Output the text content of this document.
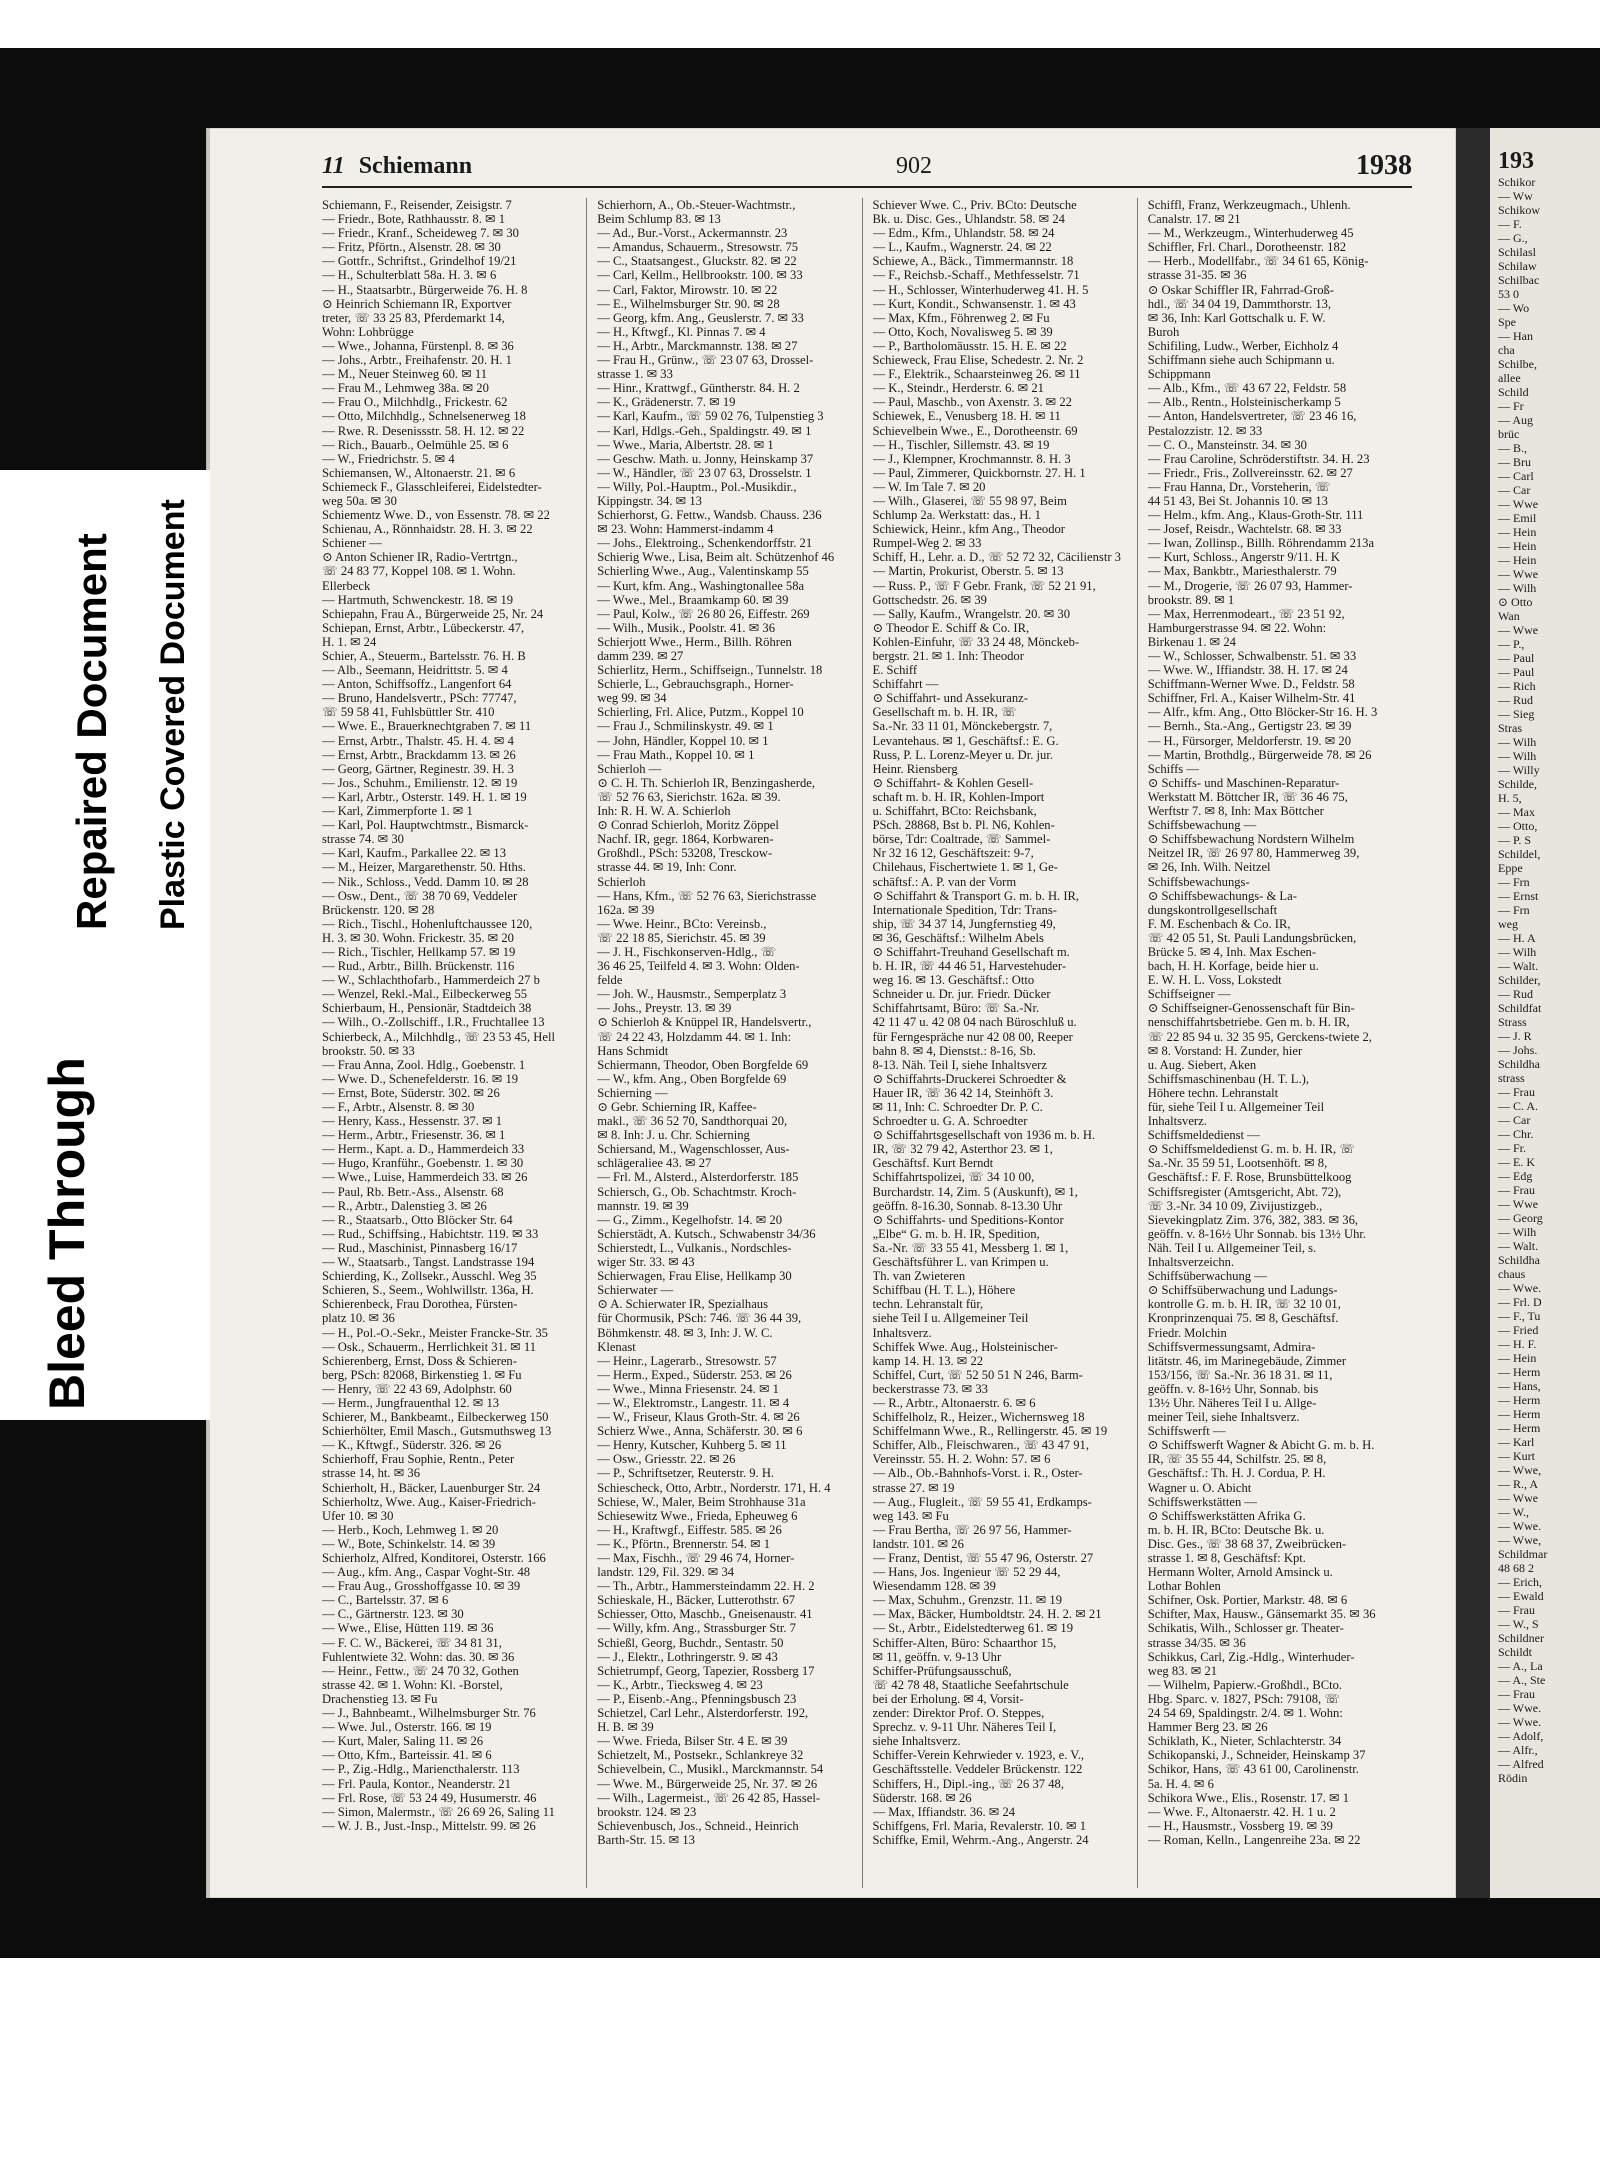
11 Schiemann	902	1938
Schiemann, F., Reisender, Zeisigstr. 7
— Friedr., Bote, Rathhausstr. 8. ✉ 1
— Friedr., Kranf., Scheideweg 7. ✉ 30
— Fritz, Pförtn., Alsenstr. 28. ✉ 30
— Gottfr., Schriftst., Grindelhof 19/21
— H., Schulterblatt 58a. H. 3. ✉ 6
— H., Staatsarbtr., Bürgerweide 76. H. 8
⊙ Heinrich Schiemann IR, Exportver
treter, ☏ 33 25 83, Pferdemarkt 14,
Wohn: Lohbrügge
— Wwe., Johanna, Fürstenpl. 8. ✉ 36
— Johs., Arbtr., Freihafenstr. 20. H. 1
— M., Neuer Steinweg 60. ✉ 11
— Frau M., Lehmweg 38a. ✉ 20
— Frau O., Milchhdlg., Frickestr. 62
— Otto, Milchhdlg., Schnelsenerweg 18
— Rwe. R. Desenissstr. 58. H. 12. ✉ 22
— Rich., Bauarb., Oelmühle 25. ✉ 6
— W., Friedrichstr. 5. ✉ 4
Schiemansen, W., Altonaerstr. 21. ✉ 6
Schiemeck F., Glasschleiferei, Eidelstedter-
weg 50a. ✉ 30
Schiementz Wwe. D., von Essenstr. 78. ✉ 22
Schienau, A., Rönnhaidstr. 28. H. 3. ✉ 22
Schiener —
⊙ Anton Schiener IR, Radio-Vertrtgn.,
☏ 24 83 77, Koppel 108. ✉ 1. Wohn.
Ellerbeck
— Hartmuth, Schwenckestr. 18. ✉ 19
Schiepahn, Frau A., Bürgerweide 25, Nr. 24
Schiepan, Ernst, Arbtr., Lübeckerstr. 47,
H. 1. ✉ 24
Schier, A., Steuerm., Bartelsstr. 76. H. B
— Alb., Seemann, Heidrittstr. 5. ✉ 4
— Anton, Schiffsoffz., Langenfort 64
— Bruno, Handelsvertr., PSch: 77747,
☏ 59 58 41, Fuhlsbüttler Str. 410
— Wwe. E., Brauerknechtgraben 7. ✉ 11
— Ernst, Arbtr., Thalstr. 45. H. 4. ✉ 4
— Ernst, Arbtr., Brackdamm 13. ✉ 26
— Georg, Gärtner, Reginestr. 39. H. 3
— Jos., Schuhm., Emilienstr. 12. ✉ 19
— Karl, Arbtr., Osterstr. 149. H. 1. ✉ 19
— Karl, Zimmerpforte 1. ✉ 1
— Karl, Pol. Hauptwchtmstr., Bismarck-
strasse 74. ✉ 30
— Karl, Kaufm., Parkallee 22. ✉ 13
— M., Heizer, Margarethenstr. 50. Hths.
— Nik., Schloss., Vedd. Damm 10. ✉ 28
— Osw., Dent., ☏ 38 70 69, Veddeler
Brückenstr. 120. ✉ 28
— Rich., Tischl., Hohenluftchaussee 120,
H. 3. ✉ 30. Wohn. Frickestr. 35. ✉ 20
— Rich., Tischler, Hellkamp 57. ✉ 19
— Rud., Arbtr., Billh. Brückenstr. 116
— W., Schlachthofarb., Hammerdeich 27 b
— Wenzel, Rekl.-Mal., Eilbeckerweg 55
Schierbaum, H., Pensionär, Stadtdeich 38
— Wilh., O.-Zollschiff., I.R., Fruchtallee 13
Schierbeck, A., Milchhdlg., ☏ 23 53 45, Hell
brookstr. 50. ✉ 33
— Frau Anna, Zool. Hdlg., Goebenstr. 1
— Wwe. D., Schenefelderstr. 16. ✉ 19
— Ernst, Bote, Süderstr. 302. ✉ 26
— F., Arbtr., Alsenstr. 8. ✉ 30
— Henry, Kass., Hessenstr. 37. ✉ 1
— Herm., Arbtr., Friesenstr. 36. ✉ 1
— Herm., Kapt. a. D., Hammerdeich 33
— Hugo, Kranführ., Goebenstr. 1. ✉ 30
— Wwe., Luise, Hammerdeich 33. ✉ 26
— Paul, Rb. Betr.-Ass., Alsenstr. 68
— R., Arbtr., Dalenstieg 3. ✉ 26
— R., Staatsarb., Otto Blöcker Str. 64
— Rud., Schiffsing., Habichtstr. 119. ✉ 33
— Rud., Maschinist, Pinnasberg 16/17
— W., Staatsarb., Tangst. Landstrasse 194
Schierding, K., Zollsekr., Ausschl. Weg 35
Schieren, S., Seem., Wohlwillstr. 136a, H.
Schierenbeck, Frau Dorothea, Fürsten-
platz 10. ✉ 36
— H., Pol.-O.-Sekr., Meister Francke-Str. 35
— Osk., Schauerm., Herrlichkeit 31. ✉ 11
Schierenberg, Ernst, Doss & Schieren-
berg, PSch: 82068, Birkenstieg 1. ✉ Fu
— Henry, ☏ 22 43 69, Adolphstr. 60
— Herm., Jungfrauenthal 12. ✉ 13
Schierer, M., Bankbeamt., Eilbeckerweg 150
Schierhölter, Emil Masch., Gutsmuthsweg 13
— K., Kftwgf., Süderstr. 326. ✉ 26
Schierhoff, Frau Sophie, Rentn., Peter
strasse 14, ht. ✉ 36
Schierholt, H., Bäcker, Lauenburger Str. 24
Schierholtz, Wwe. Aug., Kaiser-Friedrich-
Ufer 10. ✉ 30
— Herb., Koch, Lehmweg 1. ✉ 20
— W., Bote, Schinkelstr. 14. ✉ 39
Schierholz, Alfred, Konditorei, Osterstr. 166
— Aug., kfm. Ang., Caspar Voght-Str. 48
— Frau Aug., Grosshoffgasse 10. ✉ 39
— C., Bartelsstr. 37. ✉ 6
— C., Gärtnerstr. 123. ✉ 30
— Wwe., Elise, Hütten 119. ✉ 36
— F. C. W., Bäckerei, ☏ 34 81 31,
Fuhlentwiete 32. Wohn: das. 30. ✉ 36
— Heinr., Fettw., ☏ 24 70 32, Gothen
strasse 42. ✉ 1. Wohn: Kl. -Borstel,
Drachenstieg 13. ✉ Fu
— J., Bahnbeamt., Wilhelmsburger Str. 76
— Wwe. Jul., Osterstr. 166. ✉ 19
— Kurt, Maler, Saling 11. ✉ 26
— Otto, Kfm., Barteissir. 41. ✉ 6
— P., Zig.-Hdlg., Mariencthalerstr. 113
— Frl. Paula, Kontor., Neanderstr. 21
— Frl. Rose, ☏ 53 24 49, Husumerstr. 46
— Simon, Malermstr., ☏ 26 69 26, Saling 11
— W. J. B., Just.-Insp., Mittelstr. 99. ✉ 26
Schierhorn, A., Ob.-Steuer-Wachtmstr.,
Beim Schlump 83. ✉ 13
— Ad., Bur.-Vorst., Ackermannstr. 23
— Amandus, Schauerm., Stresowstr. 75
— C., Staatsangest., Gluckstr. 82. ✉ 22
— Carl, Kellm., Hellbrookstr. 100. ✉ 33
— Carl, Faktor, Mirowstr. 10. ✉ 22
— E., Wilhelmsburger Str. 90. ✉ 28
— Georg, kfm. Ang., Geuslerstr. 7. ✉ 33
— H., Kftwgf., Kl. Pinnas 7. ✉ 4
— H., Arbtr., Marckmannstr. 138. ✉ 27
— Frau H., Grünw., ☏ 23 07 63, Drossel-
strasse 1. ✉ 33
— Hinr., Krattwgf., Güntherstr. 84. H. 2
— K., Grädenerstr. 7. ✉ 19
— Karl, Kaufm., ☏ 59 02 76, Tulpenstieg 3
— Karl, Hdlgs.-Geh., Spaldingstr. 49. ✉ 1
— Wwe., Maria, Albertstr. 28. ✉ 1
— Geschw. Math. u. Jonny, Heinskamp 37
— W., Händler, ☏ 23 07 63, Drosselstr. 1
— Willy, Pol.-Hauptm., Pol.-Musikdir.,
Kippingstr. 34. ✉ 13
Schierhorst, G. Fettw., Wandsb. Chauss. 236
✉ 23. Wohn: Hammerst-indamm 4
— Johs., Elektroing., Schenkendorffstr. 21
Schierig Wwe., Lisa, Beim alt. Schützenhof 46
Schierling Wwe., Aug., Valentinskamp 55
— Kurt, kfm. Ang., Washingtonallee 58a
— Wwe., Mel., Braamkamp 60. ✉ 39
— Paul, Kolw., ☏ 26 80 26, Eiffestr. 269
— Wilh., Musik., Poolstr. 41. ✉ 36
Schierjott Wwe., Herm., Billh. Röhren
damm 239. ✉ 27
Schierlitz, Herm., Schiffseign., Tunnelstr. 18
Schierle, L., Gebrauchsgraph., Horner-
weg 99. ✉ 34
Schierling, Frl. Alice, Putzm., Koppel 10
— Frau J., Schmilinskystr. 49. ✉ 1
— John, Händler, Koppel 10. ✉ 1
— Frau Math., Koppel 10. ✉ 1
Schierloh —
⊙ C. H. Th. Schierloh IR, Benzingasherde,
☏ 52 76 63, Sierichstr. 162a. ✉ 39.
Inh: R. H. W. A. Schierloh
⊙ Conrad Schierloh, Moritz Zöppel
Nachf. IR, gegr. 1864, Korbwaren-
Großhdl., PSch: 53208, Tresckow-
strasse 44. ✉ 19, Inh: Conr.
Schierloh
— Hans, Kfm., ☏ 52 76 63, Sierichstrasse
162a. ✉ 39
— Wwe. Heinr., BCto: Vereinsb.,
☏ 22 18 85, Sierichstr. 45. ✉ 39
— J. H., Fischkonserven-Hdlg., ☏
36 46 25, Teilfeld 4. ✉ 3. Wohn: Olden-
felde
— Joh. W., Hausmstr., Semperplatz 3
— Johs., Preystr. 13. ✉ 39
⊙ Schierloh & Knüppel IR, Handelsvertr.,
☏ 24 22 43, Holzdamm 44. ✉ 1. Inh:
Hans Schmidt
Schiermann, Theodor, Oben Borgfelde 69
— W., kfm. Ang., Oben Borgfelde 69
Schierning —
⊙ Gebr. Schierning IR, Kaffee-
makl., ☏ 36 52 70, Sandthorquai 20,
✉ 8. Inh: J. u. Chr. Schierning
Schiersand, M., Wagenschlosser, Aus-
schlägeraliee 43. ✉ 27
— Frl. M., Alsterd., Alsterdorferstr. 185
Schiersch, G., Ob. Schachtmstr. Kroch-
mannstr. 19. ✉ 39
— G., Zimm., Kegelhofstr. 14. ✉ 20
Schierstädt, A. Kutsch., Schwabenstr 34/36
Schierstedt, L., Vulkanis., Nordschles-
wiger Str. 33. ✉ 43
Schierwagen, Frau Elise, Hellkamp 30
Schierwater —
⊙ A. Schierwater IR, Spezialhaus
für Chormusik, PSch: 746. ☏ 36 44 39,
Böhmkenstr. 48. ✉ 3, Inh: J. W. C.
Klenast
— Heinr., Lagerarb., Stresowstr. 57
— Herm., Exped., Süderstr. 253. ✉ 26
— Wwe., Minna Friesenstr. 24. ✉ 1
— W., Elektromstr., Langestr. 11. ✉ 4
— W., Friseur, Klaus Groth-Str. 4. ✉ 26
Schierz Wwe., Anna, Schäferstr. 30. ✉ 6
— Henry, Kutscher, Kuhberg 5. ✉ 11
— Osw., Griesstr. 22. ✉ 26
— P., Schriftsetzer, Reuterstr. 9. H.
Schiescheck, Otto, Arbtr., Norderstr. 171, H. 4
Schiese, W., Maler, Beim Strohhause 31a
Schiesewitz Wwe., Frieda, Epheuweg 6
— H., Kraftwgf., Eiffestr. 585. ✉ 26
— K., Pförtn., Brennerstr. 54. ✉ 1
— Max, Fischh., ☏ 29 46 74, Horner-
landstr. 129, Fil. 329. ✉ 34
— Th., Arbtr., Hammersteindamm 22. H. 2
Schieskale, H., Bäcker, Lutterothstr. 67
Schiesser, Otto, Maschb., Gneisenaustr. 41
— Willy, kfm. Ang., Strassburger Str. 7
Schießl, Georg, Buchdr., Sentastr. 50
— J., Elektr., Lothringerstr. 9. ✉ 43
Schietrumpf, Georg, Tapezier, Rossberg 17
— K., Arbtr., Tiecksweg 4. ✉ 23
— P., Eisenb.-Ang., Pfenningsbusch 23
Schietzel, Carl Lehr., Alsterdorferstr. 192,
H. B. ✉ 39
— Wwe. Frieda, Bilser Str. 4 E. ✉ 39
Schietzelt, M., Postsekr., Schlankreye 32
Schievelbein, C., Musikl., Marckmannstr. 54
— Wwe. M., Bürgerweide 25, Nr. 37. ✉ 26
— Wilh., Lagermeist., ☏ 26 42 85, Hassel-
brookstr. 124. ✉ 23
Schievenbusch, Jos., Schneid., Heinrich
Barth-Str. 15. ✉ 13
Schiever Wwe. C., Priv. BCto: Deutsche
Bk. u. Disc. Ges., Uhlandstr. 58. ✉ 24
— Edm., Kfm., Uhlandstr. 58. ✉ 24
— L., Kaufm., Wagnerstr. 24. ✉ 22
Schiewe, A., Bäck., Timmermannstr. 18
— F., Reichsb.-Schaff., Methfesselstr. 71
— H., Schlosser, Winterhuderweg 41. H. 5
— Kurt, Kondit., Schwansenstr. 1. ✉ 43
— Max, Kfm., Föhrenweg 2. ✉ Fu
— Otto, Koch, Novalisweg 5. ✉ 39
— P., Bartholomäusstr. 15. H. E. ✉ 22
Schieweck, Frau Elise, Schedestr. 2. Nr. 2
— F., Elektrik., Schaarsteinweg 26. ✉ 11
— K., Steindr., Herderstr. 6. ✉ 21
— Paul, Maschb., von Axenstr. 3. ✉ 22
Schiewek, E., Venusberg 18. H. ✉ 11
Schievelbein Wwe., E., Dorotheenstr. 69
— H., Tischler, Sillemstr. 43. ✉ 19
— J., Klempner, Krochmannstr. 8. H. 3
— Paul, Zimmerer, Quickbornstr. 27. H. 1
— W. Im Tale 7. ✉ 20
— Wilh., Glaserei, ☏ 55 98 97, Beim
Schlump 2a. Werkstatt: das., H. 1
Schiewick, Heinr., kfm Ang., Theodor
Rumpel-Weg 2. ✉ 33
Schiff, H., Lehr. a. D., ☏ 52 72 32, Cäcilienstr 3
— Martin, Prokurist, Oberstr. 5. ✉ 13
— Russ. P., ☏ F Gebr. Frank, ☏ 52 21 91,
Gottschedstr. 26. ✉ 39
— Sally, Kaufm., Wrangelstr. 20. ✉ 30
⊙ Theodor E. Schiff & Co. IR,
Kohlen-Einfuhr, ☏ 33 24 48, Mönckeb-
bergstr. 21. ✉ 1. Inh: Theodor
E. Schiff
Schiffahrt —
⊙ Schiffahrt- und Assekuranz-
Gesellschaft m. b. H. IR, ☏
Sa.-Nr. 33 11 01, Mönckebergstr. 7,
Levantehaus. ✉ 1, Geschäftsf.: E. G.
Russ, P. L. Lorenz-Meyer u. Dr. jur.
Heinr. Riensberg
⊙ Schiffahrt- & Kohlen Gesell-
schaft m. b. H. IR, Kohlen-Import
u. Schiffahrt, BCto: Reichsbank,
PSch. 28868, Bst b. Pl. N6, Kohlen-
börse, Tdr: Coaltrade, ☏ Sammel-
Nr 32 16 12, Geschäftszeit: 9-7,
Chilehaus, Fischertwiete 1. ✉ 1, Ge-
schäftsf.: A. P. van der Vorm
⊙ Schiffahrt & Transport G. m. b. H. IR,
Internationale Spedition, Tdr: Trans-
ship, ☏ 34 37 14, Jungfernstieg 49,
✉ 36, Geschäftsf.: Wilhelm Abels
⊙ Schiffahrt-Treuhand Gesellschaft m.
b. H. IR, ☏ 44 46 51, Harvestehuder-
weg 16. ✉ 13. Geschäftsf.: Otto
Schneider u. Dr. jur. Friedr. Dücker
Schiffahrtsamt, Büro: ☏ Sa.-Nr.
42 11 47 u. 42 08 04 nach Büroschluß u.
für Ferngespräche nur 42 08 00, Reeper
bahn 8. ✉ 4, Dienstst.: 8-16, Sb.
8-13. Näh. Teil I, siehe Inhaltsverz
⊙ Schiffahrts-Druckerei Schroedter &
Hauer IR, ☏ 36 42 14, Steinhöft 3.
✉ 11, Inh: C. Schroedter Dr. P. C.
Schroedter u. G. A. Schroedter
⊙ Schiffahrtsgesellschaft von 1936 m. b. H.
IR, ☏ 32 79 42, Asterthor 23. ✉ 1,
Geschäftsf. Kurt Berndt
Schiffahrtspolizei, ☏ 34 10 00,
Burchardstr. 14, Zim. 5 (Auskunft), ✉ 1,
geöffn. 8-16.30, Sonnab. 8-13.30 Uhr
⊙ Schiffahrts- und Speditions-Kontor
„Elbe“ G. m. b. H. IR, Spedition,
Sa.-Nr. ☏ 33 55 41, Messberg 1. ✉ 1,
Geschäftsführer L. van Krimpen u.
Th. van Zwieteren
Schiffbau (H. T. L.), Höhere
techn. Lehranstalt für,
siehe Teil I u. Allgemeiner Teil
Inhaltsverz.
Schiffek Wwe. Aug., Holsteinischer-
kamp 14. H. 13. ✉ 22
Schiffel, Curt, ☏ 52 50 51 N 246, Barm-
beckerstrasse 73. ✉ 33
— R., Arbtr., Altonaerstr. 6. ✉ 6
Schiffelholz, R., Heizer., Wichernsweg 18
Schiffelmann Wwe., R., Rellingerstr. 45. ✉ 19
Schiffer, Alb., Fleischwaren., ☏ 43 47 91,
Vereinsstr. 55. H. 2. Wohn: 57. ✉ 6
— Alb., Ob.-Bahnhofs-Vorst. i. R., Oster-
strasse 27. ✉ 19
— Aug., Flugleit., ☏ 59 55 41, Erdkamps-
weg 143. ✉ Fu
— Frau Bertha, ☏ 26 97 56, Hammer-
landstr. 101. ✉ 26
— Franz, Dentist, ☏ 55 47 96, Osterstr. 27
— Hans, Jos. Ingenieur ☏ 52 29 44,
Wiesendamm 128. ✉ 39
— Max, Schuhm., Grenzstr. 11. ✉ 19
— Max, Bäcker, Humboldtstr. 24. H. 2. ✉ 21
— St., Arbtr., Eidelstedterweg 61. ✉ 19
Schiffer-Alten, Büro: Schaarthor 15,
✉ 11, geöffn. v. 9-13 Uhr
Schiffer-Prüfungsausschuß,
☏ 42 78 48, Staatliche Seefahrtschule
bei der Erholung. ✉ 4, Vorsit-
zender: Direktor Prof. O. Steppes,
Sprechz. v. 9-11 Uhr. Näheres Teil I,
siehe Inhaltsverz.
Schiffer-Verein Kehrwieder v. 1923, e. V.,
Geschäftsstelle. Veddeler Brückenstr. 122
Schiffers, H., Dipl.-ing., ☏ 26 37 48,
Süderstr. 168. ✉ 26
— Max, Iffiandstr. 36. ✉ 24
Schiffgens, Frl. Maria, Revalerstr. 10. ✉ 1
Schiffke, Emil, Wehrm.-Ang., Angerstr. 24
Schiffl, Franz, Werkzeugmach., Uhlenh.
Canalstr. 17. ✉ 21
— M., Werkzeugm., Winterhuderweg 45
Schiffler, Frl. Charl., Dorotheenstr. 182
— Herb., Modellfabr., ☏ 34 61 65, König-
strasse 31-35. ✉ 36
⊙ Oskar Schiffler IR, Fahrrad-Groß-
hdl., ☏ 34 04 19, Dammthorstr. 13,
✉ 36, Inh: Karl Gottschalk u. F. W.
Buroh
Schifiling, Ludw., Werber, Eichholz 4
Schiffmann siehe auch Schipmann u.
Schippmann
— Alb., Kfm., ☏ 43 67 22, Feldstr. 58
— Alb., Rentn., Holsteinischerkamp 5
— Anton, Handelsvertreter, ☏ 23 46 16,
Pestalozzistr. 12. ✉ 33
— C. O., Mansteinstr. 34. ✉ 30
— Frau Caroline, Schröderstiftstr. 34. H. 23
— Friedr., Fris., Zollvereinsstr. 62. ✉ 27
— Frau Hanna, Dr., Vorsteherin, ☏
44 51 43, Bei St. Johannis 10. ✉ 13
— Helm., kfm. Ang., Klaus-Groth-Str. 111
— Josef, Reisdr., Wachtelstr. 68. ✉ 33
— Iwan, Zollinsp., Billh. Röhrendamm 213a
— Kurt, Schloss., Angerstr 9/11. H. K
— Max, Bankbtr., Mariesthalerstr. 79
— M., Drogerie, ☏ 26 07 93, Hammer-
brookstr. 89. ✉ 1
— Max, Herrenmodeart., ☏ 23 51 92,
Hamburgerstrasse 94. ✉ 22. Wohn:
Birkenau 1. ✉ 24
— W., Schlosser, Schwalbenstr. 51. ✉ 33
— Wwe. W., Iffiandstr. 38. H. 17. ✉ 24
Schiffmann-Werner Wwe. D., Feldstr. 58
Schiffner, Frl. A., Kaiser Wilhelm-Str. 41
— Alfr., kfm. Ang., Otto Blöcker-Str 16. H. 3
— Bernh., Sta.-Ang., Gertigstr 23. ✉ 39
— H., Fürsorger, Meldorferstr. 19. ✉ 20
— Martin, Brothdlg., Bürgerweide 78. ✉ 26
Schiffs —
⊙ Schiffs- und Maschinen-Reparatur-
Werkstatt M. Böttcher IR, ☏ 36 46 75,
Werftstr 7. ✉ 8, Inh: Max Böttcher
Schiffsbewachung —
⊙ Schiffsbewachung Nordstern Wilhelm
Neitzel IR, ☏ 26 97 80, Hammerweg 39,
✉ 26, Inh. Wilh. Neitzel
Schiffsbewachungs-
⊙ Schiffsbewachungs- & La-
dungskontrollgesellschaft
F. M. Eschenbach & Co. IR,
☏ 42 05 51, St. Pauli Landungsbrücken,
Brücke 5. ✉ 4, Inh. Max Eschen-
bach, H. H. Korfage, beide hier u.
E. W. H. L. Voss, Lokstedt
Schiffseigner —
⊙ Schiffseigner-Genossenschaft für Bin-
nenschiffahrtsbetriebe. Gen m. b. H. IR,
☏ 22 85 94 u. 32 35 95, Gerckens-twiete 2,
✉ 8. Vorstand: H. Zunder, hier
u. Aug. Siebert, Aken
Schiffsmaschinenbau (H. T. L.),
Höhere techn. Lehranstalt
für, siehe Teil I u. Allgemeiner Teil
Inhaltsverz.
Schiffsmeldedienst —
⊙ Schiffsmeldedienst G. m. b. H. IR, ☏
Sa.-Nr. 35 59 51, Lootsenhöft. ✉ 8,
Geschäftsf.: F. F. Rose, Brunsbüttelkoog
Schiffsregister (Amtsgericht, Abt. 72),
☏ 3.-Nr. 34 10 09, Zivijustizgeb.,
Sievekingplatz Zim. 376, 382, 383. ✉ 36,
geöffn. v. 8-16½ Uhr Sonnab. bis 13½ Uhr.
Näh. Teil I u. Allgemeiner Teil, s.
Inhaltsverzeichn.
Schiffsüberwachung —
⊙ Schiffsüberwachung und Ladungs-
kontrolle G. m. b. H. IR, ☏ 32 10 01,
Kronprinzenquai 75. ✉ 8, Geschäftsf.
Friedr. Molchin
Schiffsvermessungsamt, Admira-
litätstr. 46, im Marinegebäude, Zimmer
153/156, ☏ Sa.-Nr. 36 18 31. ✉ 11,
geöffn. v. 8-16½ Uhr, Sonnab. bis
13½ Uhr. Näheres Teil I u. Allge-
meiner Teil, siehe Inhaltsverz.
Schiffswerft —
⊙ Schiffswerft Wagner & Abicht G. m. b. H.
IR, ☏ 35 55 44, Schilfstr. 25. ✉ 8,
Geschäftsf.: Th. H. J. Cordua, P. H.
Wagner u. O. Abicht
Schiffswerkstätten —
⊙ Schiffswerkstätten Afrika G.
m. b. H. IR, BCto: Deutsche Bk. u.
Disc. Ges., ☏ 38 68 37, Zweibrücken-
strasse 1. ✉ 8, Geschäftsf: Kpt.
Hermann Wolter, Arnold Amsinck u.
Lothar Bohlen
Schifner, Osk. Portier, Markstr. 48. ✉ 6
Schifter, Max, Hausw., Gänsemarkt 35. ✉ 36
Schikatis, Wilh., Schlosser gr. Theater-
strasse 34/35. ✉ 36
Schikkus, Carl, Zig.-Hdlg., Winterhuder-
weg 83. ✉ 21
— Wilhelm, Papierw.-Großhdl., BCto.
Hbg. Sparc. v. 1827, PSch: 79108, ☏
24 54 69, Spaldingstr. 2/4. ✉ 1. Wohn:
Hammer Berg 23. ✉ 26
Schiklath, K., Nieter, Schlachterstr. 34
Schikopanski, J., Schneider, Heinskamp 37
Schikor, Hans, ☏ 43 61 00, Carolinenstr.
5a. H. 4. ✉ 6
Schikora Wwe., Elis., Rosenstr. 17. ✉ 1
— Wwe. F., Altonaerstr. 42. H. 1 u. 2
— H., Hausmstr., Vossberg 19. ✉ 39
— Roman, Kelln., Langenreihe 23a. ✉ 22
193
Schikor
— Ww
Schikow
— F.
— G.,
Schilasl
Schilaw
Schilbac
53 0
— Wo
Spe
— Han
cha
Schilbe,
allee
Schild
— Fr
— Aug
brüc
— B.,
— Bru
— Carl
— Car
— Wwe
— Emil
— Hein
— Hein
— Hein
— Wwe
— Wilh
⊙ Otto
Wan
— Wwe
— P.,
— Paul
— Paul
— Rich
— Rud
— Sieg
Stras
— Wilh
— Wilh
— Willy
Schilde,
H. 5,
— Max
— Otto,
— P. S
Schildel,
Eppe
— Frn
— Ernst
— Frn
weg
— H. A
— Wilh
— Walt.
Schilder,
— Rud
Schildfat
Strass
— J. R
— Johs.
Schildha
strass
— Frau
— C. A.
— Car
— Chr.
— Fr.
— E. K
— Edg
— Frau
— Wwe
— Georg
— Wilh
— Walt.
Schildha
chaus
— Wwe.
— Frl. D
— F., Tu
— Fried
— H. F.
— Hein
— Herm
— Hans,
— Herm
— Herm
— Herm
— Karl
— Kurt
— Wwe,
— R., A
— Wwe
— W.,
— Wwe.
— Wwe,
Schildmar
48 68 2
— Erich,
— Ewald
— Frau
— W., S
Schildner
Schildt
— A., La
— A., Ste
— Frau
— Wwe.
— Wwe.
— Adolf,
— Alfr.,
— Alfred
Rödin
Bleed Through
Repaired Document Plastic Covered Document
